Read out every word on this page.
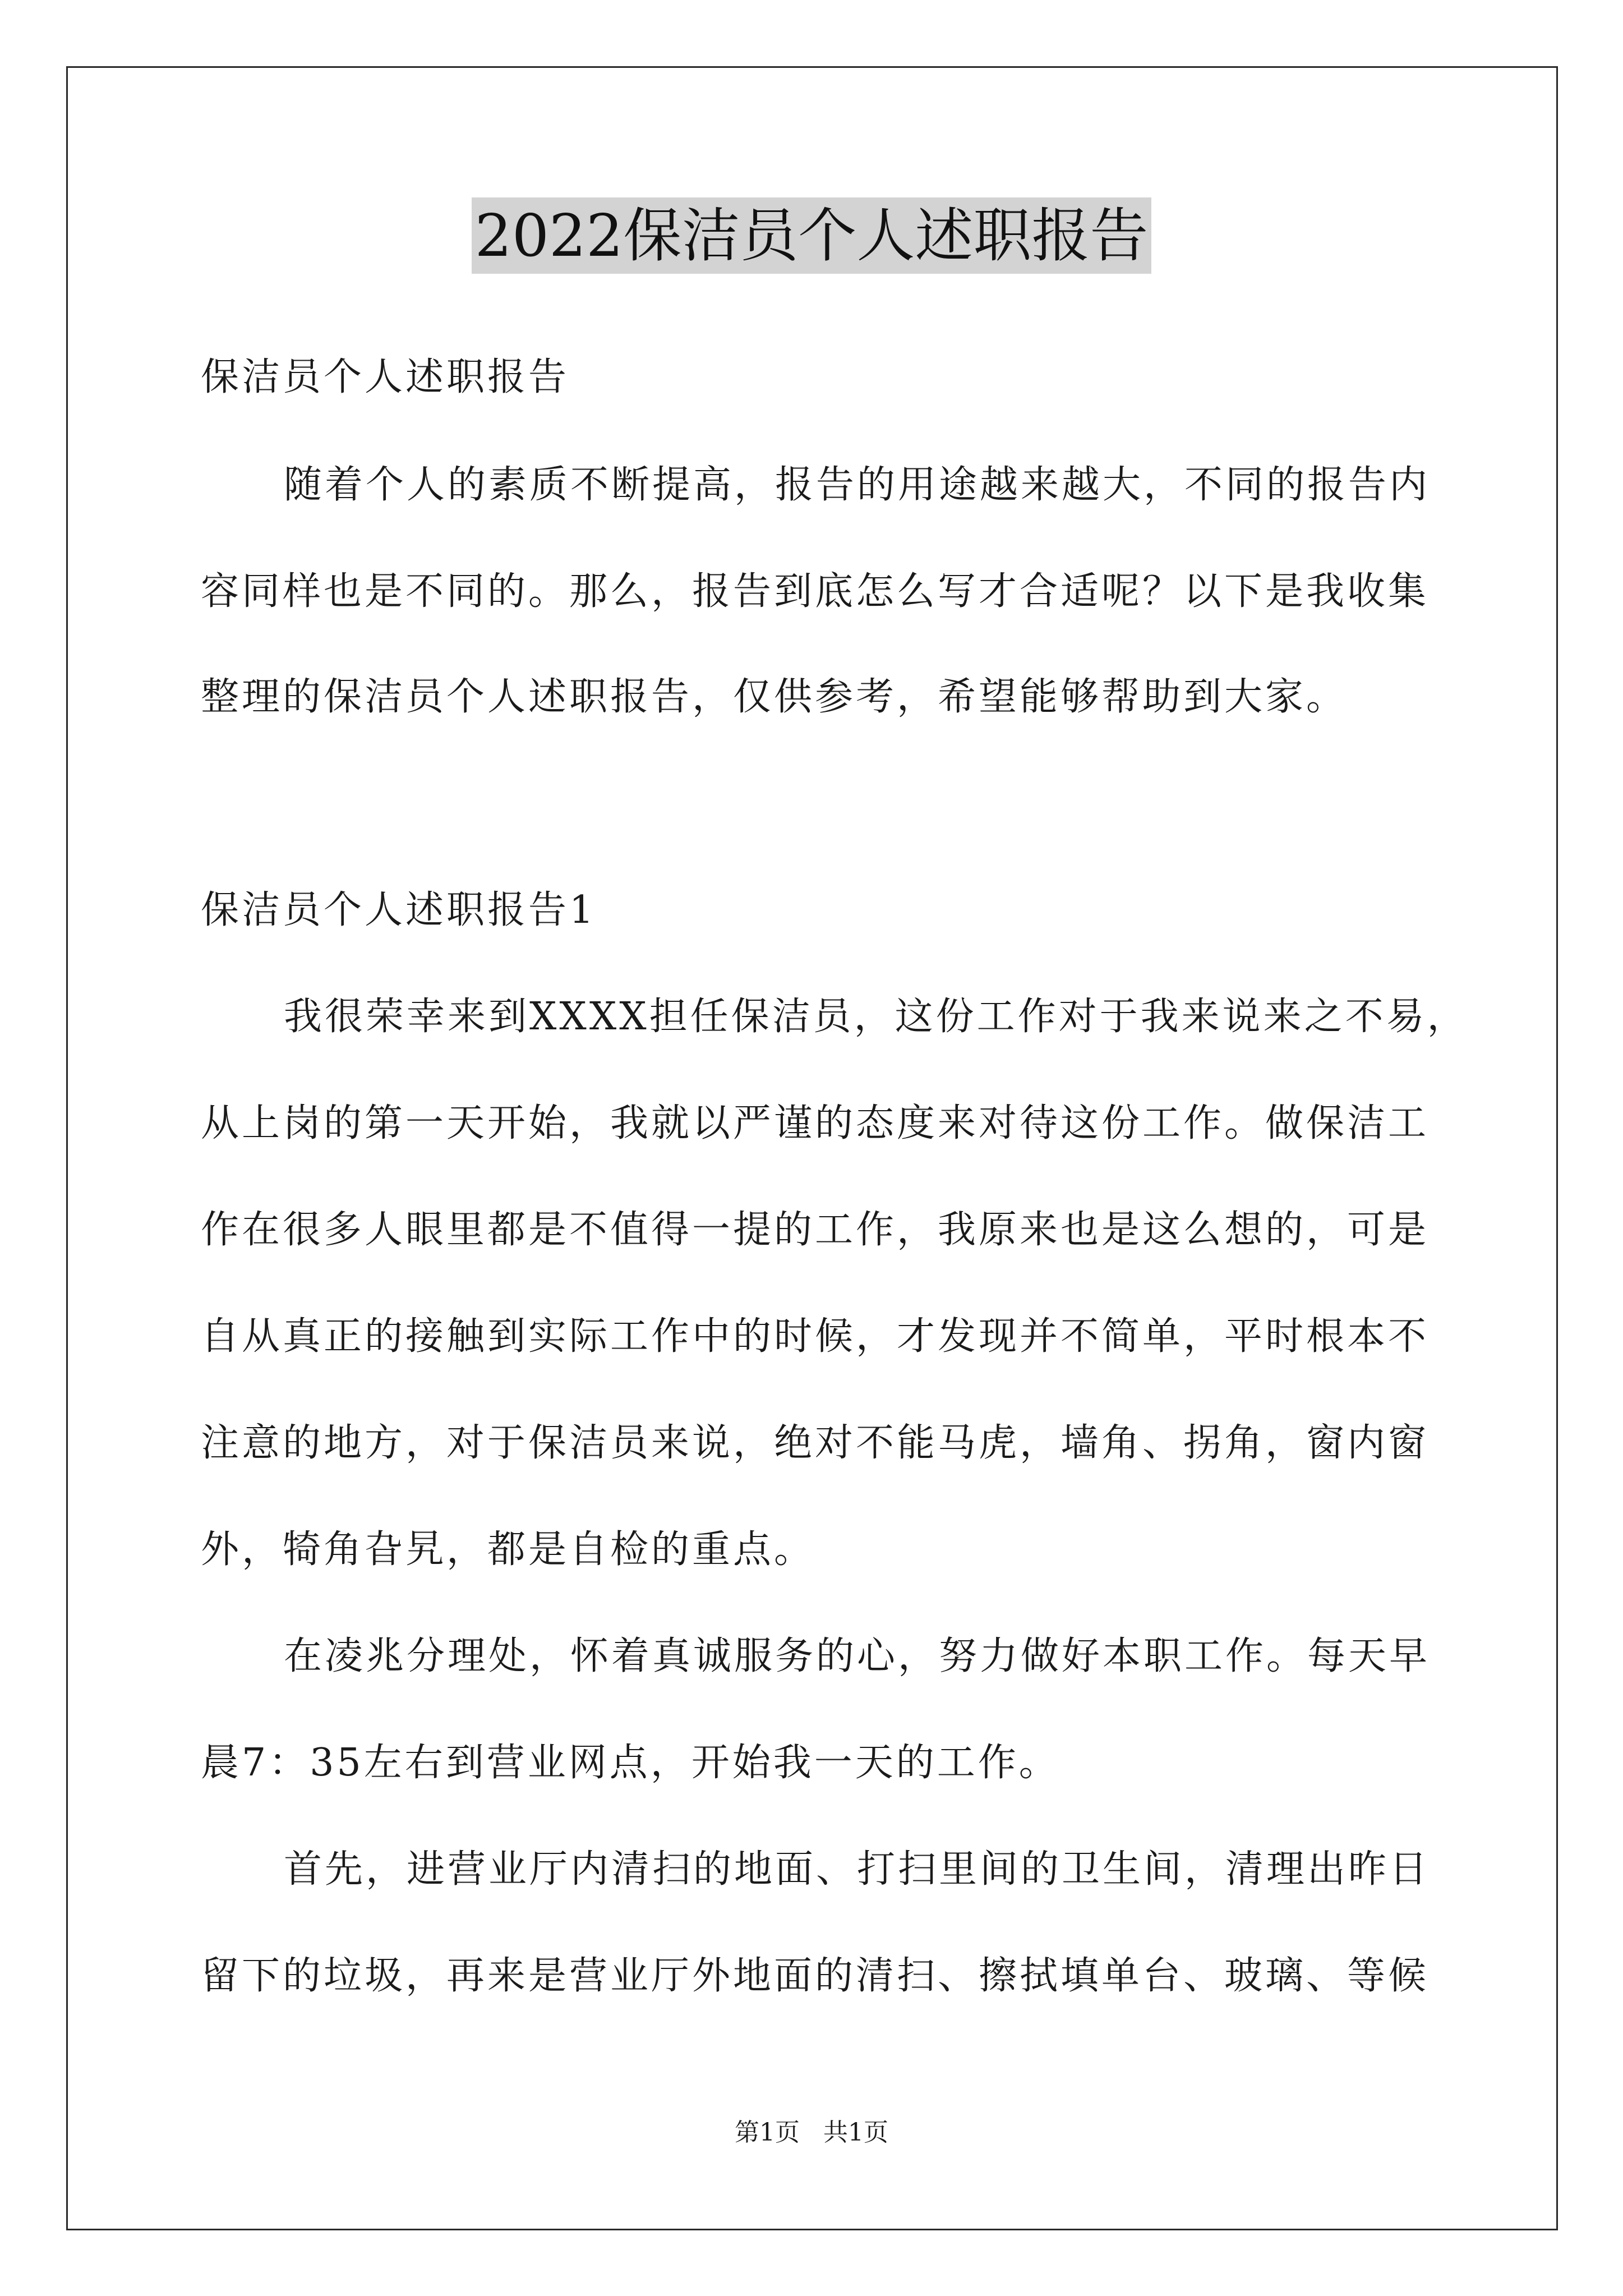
2022保洁员个人述职报告
保洁员个人述职报告
随着个人的素质不断提高，报告的用途越来越大，不同的报告内
容同样也是不同的。那么，报告到底怎么写才合适呢？以下是我收集
整理的保洁员个人述职报告，仅供参考，希望能够帮助到大家。
保洁员个人述职报告1
我很荣幸来到XXXX担任保洁员，这份工作对于我来说来之不易，
从上岗的第一天开始，我就以严谨的态度来对待这份工作。做保洁工
作在很多人眼里都是不值得一提的工作，我原来也是这么想的，可是
自从真正的接触到实际工作中的时候，才发现并不简单，平时根本不
注意的地方，对于保洁员来说，绝对不能马虎，墙角、拐角，窗内窗
外，犄角旮旯，都是自检的重点。
在凌兆分理处，怀着真诚服务的心，努力做好本职工作。每天早
晨7：35左右到营业网点，开始我一天的工作。
首先，进营业厅内清扫的地面、打扫里间的卫生间，清理出昨日
留下的垃圾，再来是营业厅外地面的清扫、擦拭填单台、玻璃、等候
第1页 共1页
